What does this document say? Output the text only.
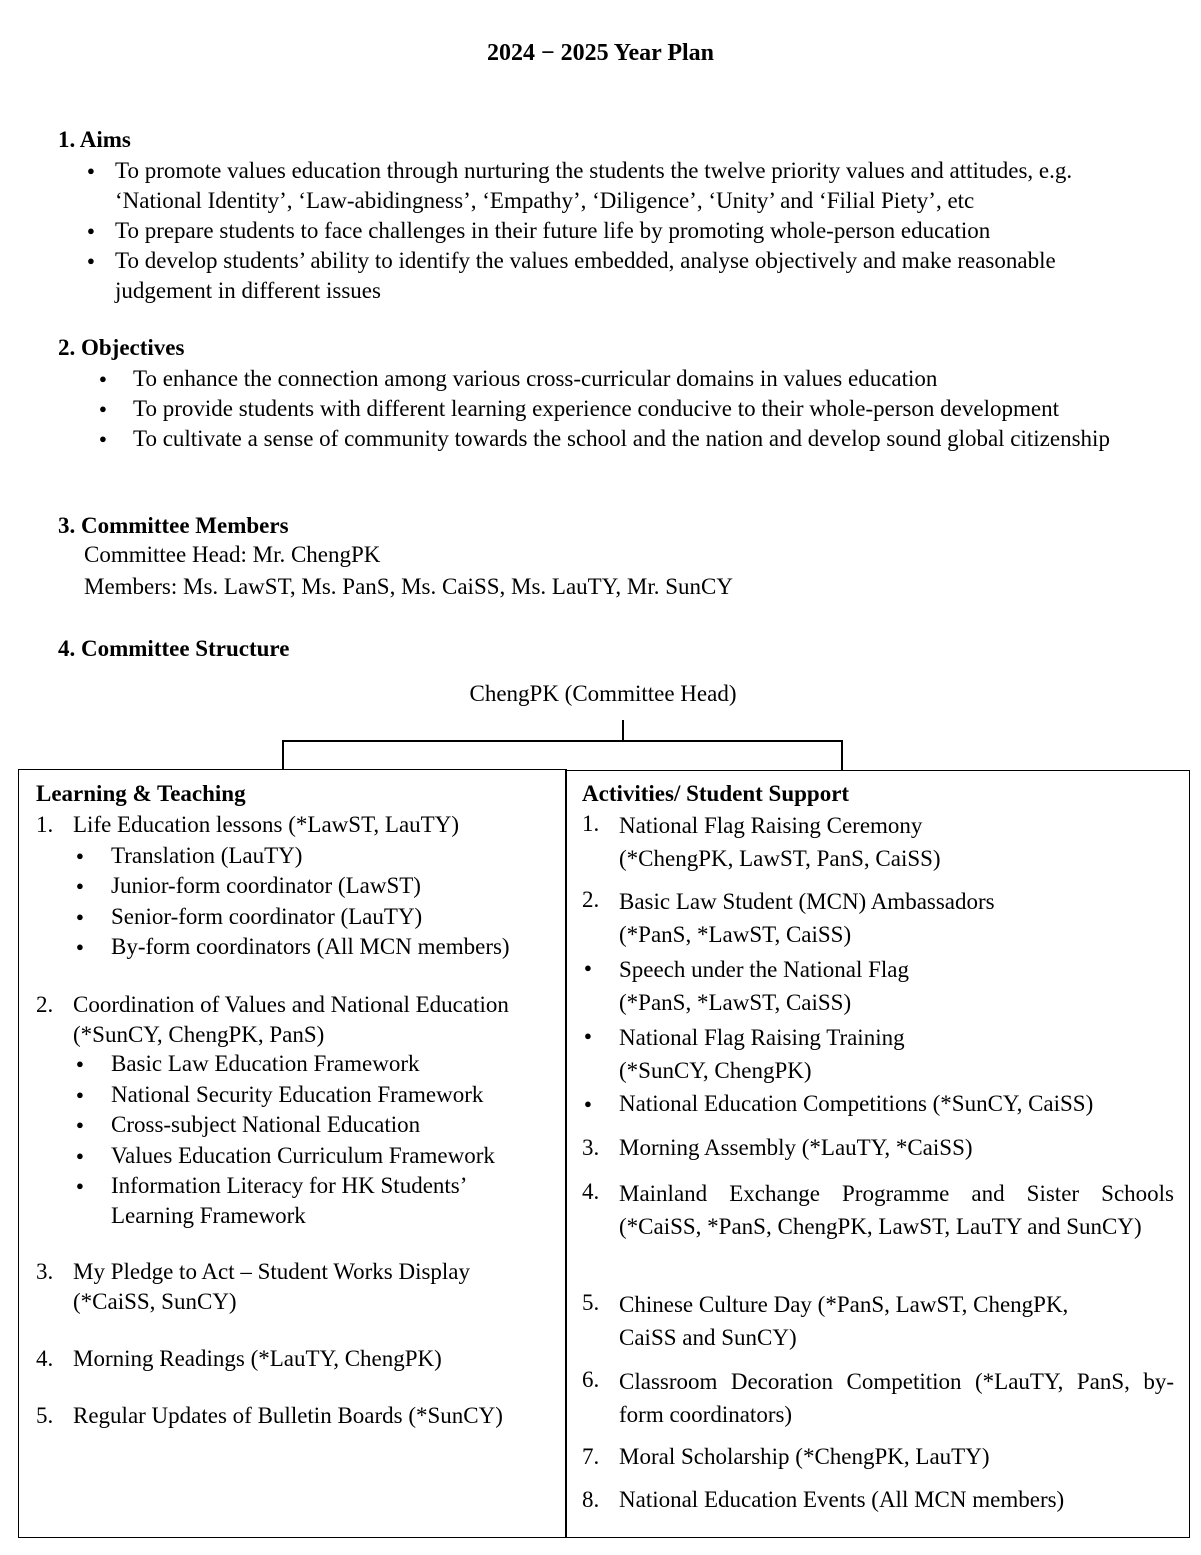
2024 − 2025 Year Plan
1. Aims
● To promote values education through nurturing the students the twelve priority values and attitudes, e.g. ‘National Identity’, ‘Law-abidingness’, ‘Empathy’, ‘Diligence’, ‘Unity’ and ‘Filial Piety’, etc
● To prepare students to face challenges in their future life by promoting whole-person education
● To develop students’ ability to identify the values embedded, analyse objectively and make reasonable judgement in different issues
2. Objectives
● To enhance the connection among various cross-curricular domains in values education
● To provide students with different learning experience conducive to their whole-person development
● To cultivate a sense of community towards the school and the nation and develop sound global citizenship
3. Committee Members
Committee Head: Mr. ChengPK
Members: Ms. LawST, Ms. PanS, Ms. CaiSS, Ms. LauTY, Mr. SunCY
4. Committee Structure
ChengPK (Committee Head)
Learning & Teaching
1. Life Education lessons (*LawST, LauTY)
● Translation (LauTY)
● Junior-form coordinator (LawST)
● Senior-form coordinator (LauTY)
● By-form coordinators (All MCN members)
2. Coordination of Values and National Education (*SunCY, ChengPK, PanS)
● Basic Law Education Framework
● National Security Education Framework
● Cross-subject National Education
● Values Education Curriculum Framework
● Information Literacy for HK Students’ Learning Framework
3. My Pledge to Act – Student Works Display (*CaiSS, SunCY)
4. Morning Readings (*LauTY, ChengPK)
5. Regular Updates of Bulletin Boards (*SunCY)
Activities/ Student Support
1. National Flag Raising Ceremony (*ChengPK, LawST, PanS, CaiSS)
2. Basic Law Student (MCN) Ambassadors (*PanS, *LawST, CaiSS)
● Speech under the National Flag (*PanS, *LawST, CaiSS)
● National Flag Raising Training (*SunCY, ChengPK)
● National Education Competitions (*SunCY, CaiSS)
3. Morning Assembly (*LauTY, *CaiSS)
4. Mainland Exchange Programme and Sister Schools (*CaiSS, *PanS, ChengPK, LawST, LauTY and SunCY)
5. Chinese Culture Day (*PanS, LawST, ChengPK, CaiSS and SunCY)
6. Classroom Decoration Competition (*LauTY, PanS, by-form coordinators)
7. Moral Scholarship (*ChengPK, LauTY)
8. National Education Events (All MCN members)
